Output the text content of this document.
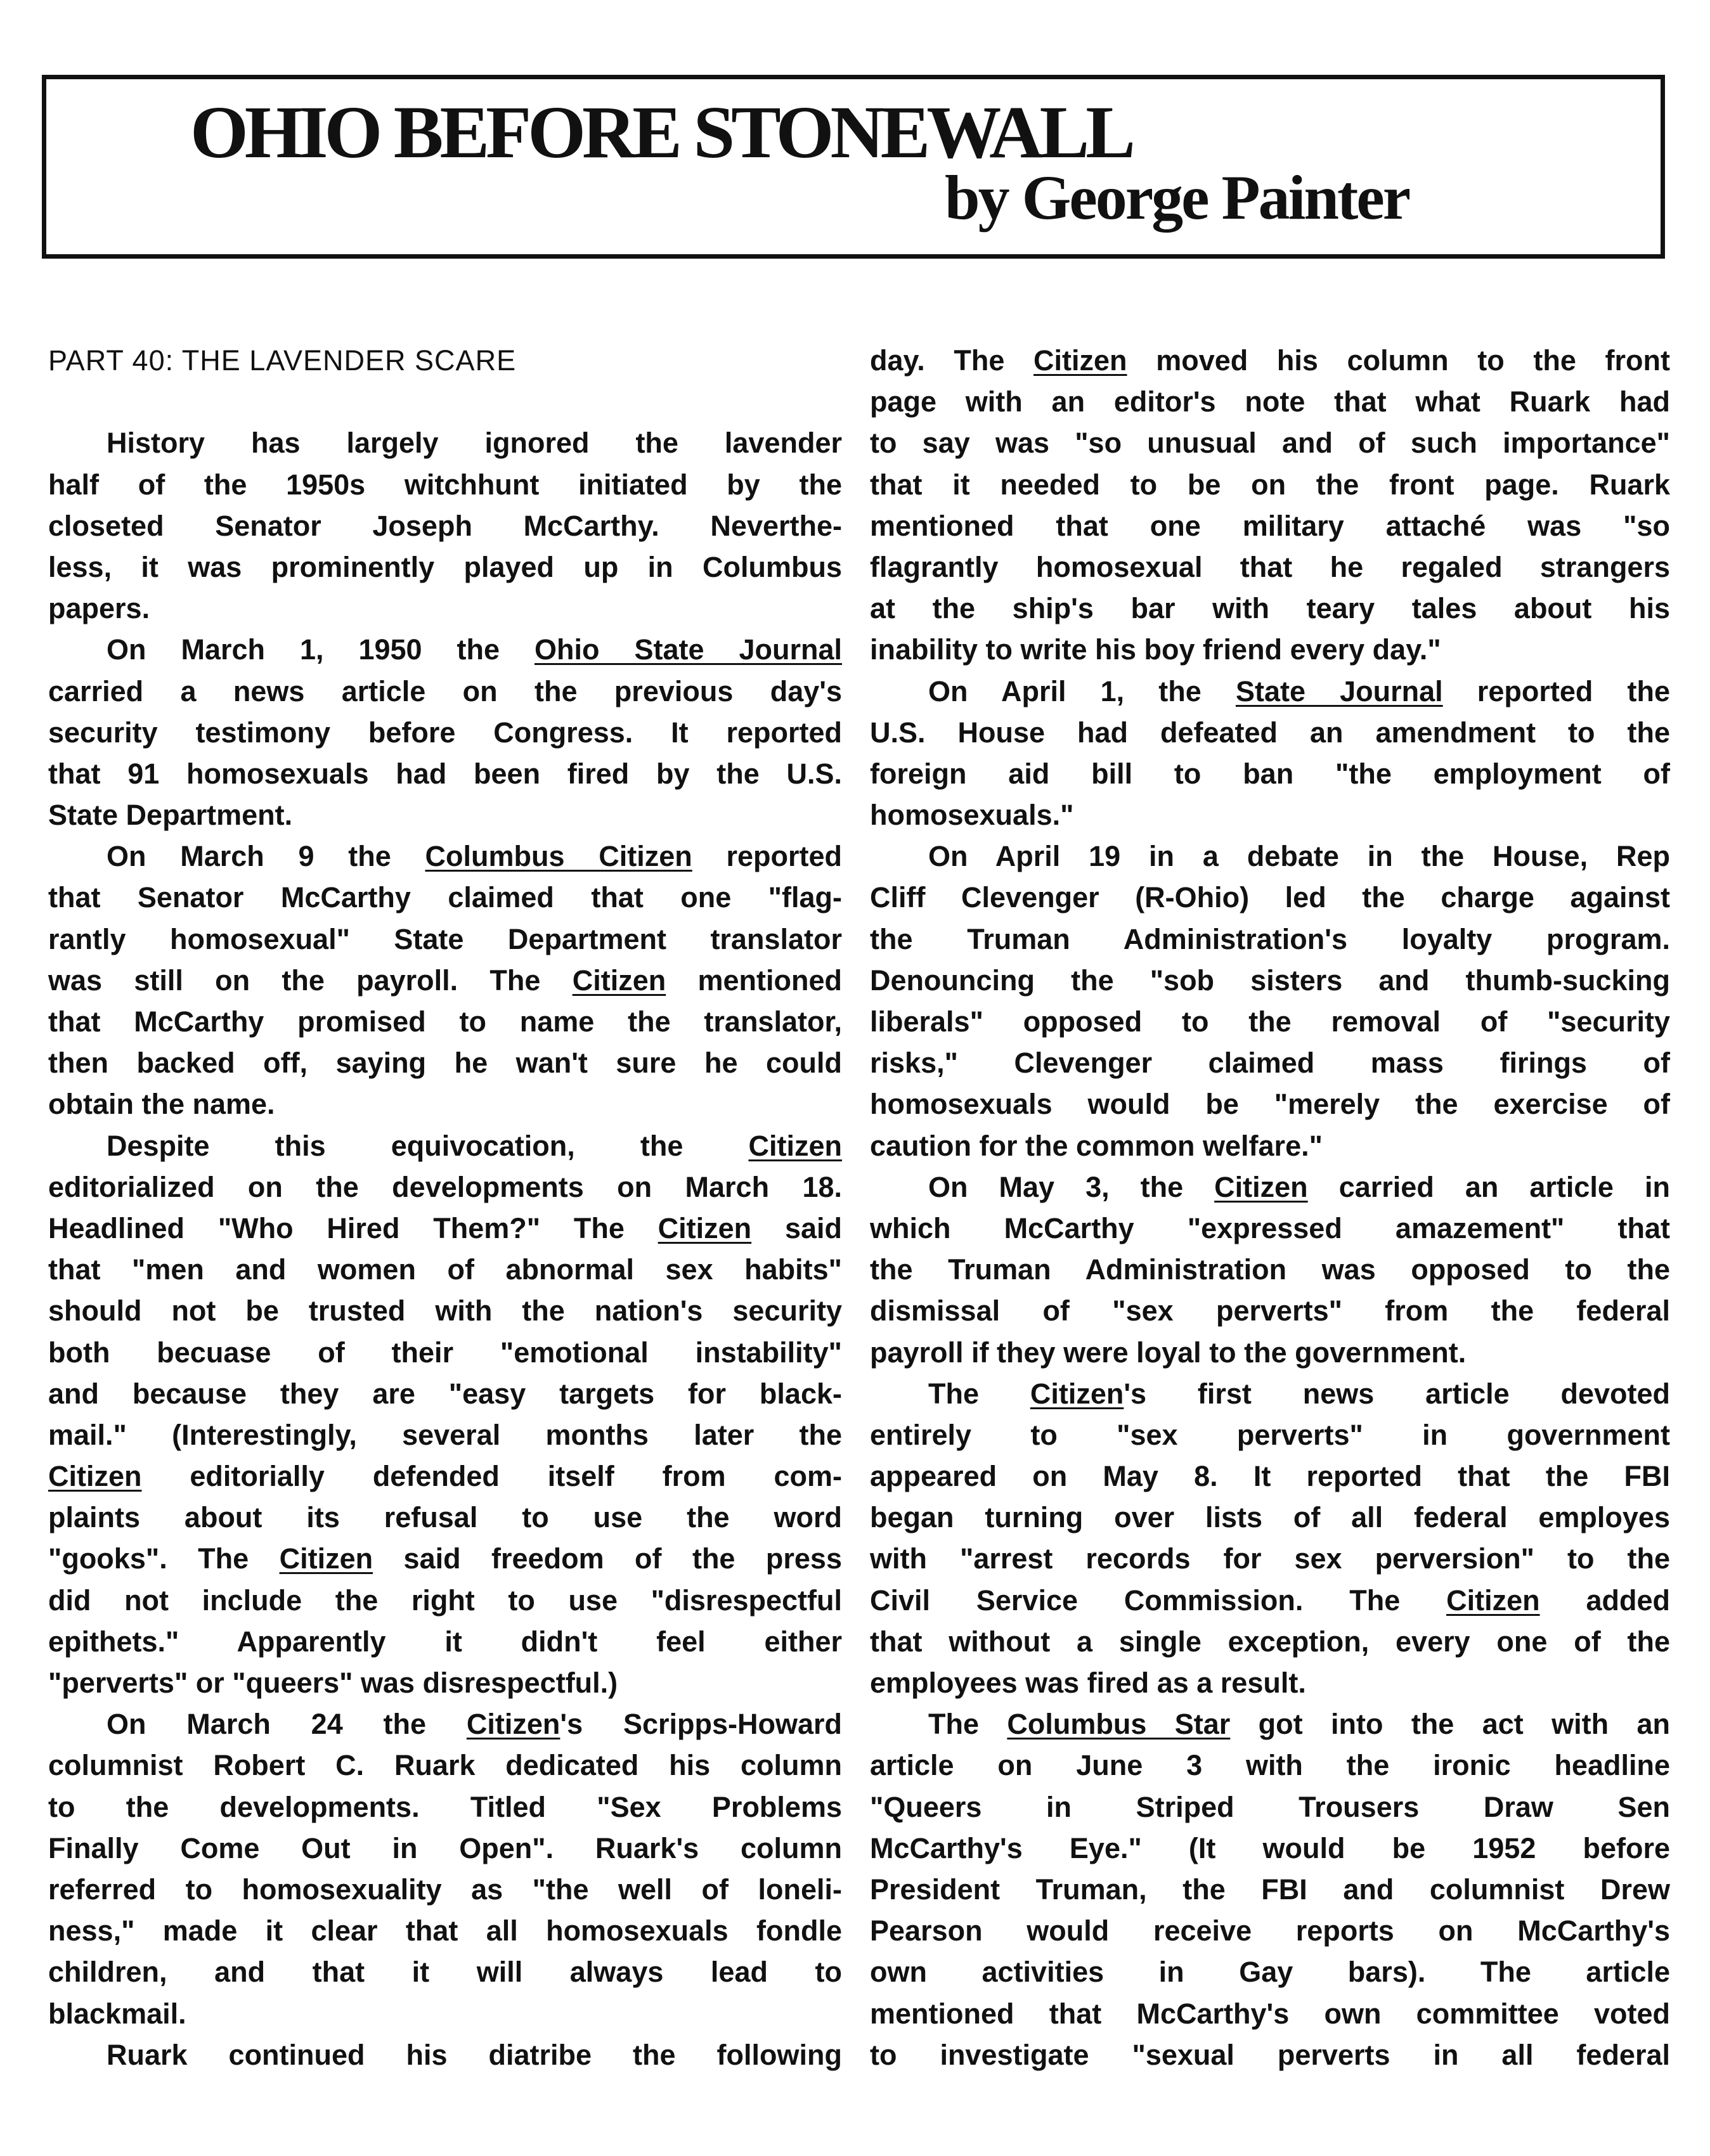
OHIO BEFORE STONEWALL
by George Painter
PART 40: THE LAVENDER SCARE
History has largely ignored the lavender
half of the 1950s witchhunt initiated by the
closeted Senator Joseph McCarthy. Neverthe-
less, it was prominently played up in Columbus
papers.
On March 1, 1950 the Ohio State Journal
carried a news article on the previous day's
security testimony before Congress. It reported
that 91 homosexuals had been fired by the U.S.
State Department.
On March 9 the Columbus Citizen reported
that Senator McCarthy claimed that one "flag-
rantly homosexual" State Department translator
was still on the payroll. The Citizen mentioned
that McCarthy promised to name the translator,
then backed off, saying he wan't sure he could
obtain the name.
Despite this equivocation, the Citizen
editorialized on the developments on March 18.
Headlined "Who Hired Them?" The Citizen said
that "men and women of abnormal sex habits"
should not be trusted with the nation's security
both becuase of their "emotional instability"
and because they are "easy targets for black-
mail." (Interestingly, several months later the
Citizen editorially defended itself from com-
plaints about its refusal to use the word
"gooks". The Citizen said freedom of the press
did not include the right to use "disrespectful
epithets." Apparently it didn't feel either
"perverts" or "queers" was disrespectful.)
On March 24 the Citizen's Scripps-Howard
columnist Robert C. Ruark dedicated his column
to the developments. Titled "Sex Problems
Finally Come Out in Open". Ruark's column
referred to homosexuality as "the well of loneli-
ness," made it clear that all homosexuals fondle
children, and that it will always lead to
blackmail.
Ruark continued his diatribe the following
day. The Citizen moved his column to the front
page with an editor's note that what Ruark had
to say was "so unusual and of such importance"
that it needed to be on the front page. Ruark
mentioned that one military attaché was "so
flagrantly homosexual that he regaled strangers
at the ship's bar with teary tales about his
inability to write his boy friend every day."
On April 1, the State Journal reported the
U.S. House had defeated an amendment to the
foreign aid bill to ban "the employment of
homosexuals."
On April 19 in a debate in the House, Rep
Cliff Clevenger (R-Ohio) led the charge against
the Truman Administration's loyalty program.
Denouncing the "sob sisters and thumb-sucking
liberals" opposed to the removal of "security
risks," Clevenger claimed mass firings of
homosexuals would be "merely the exercise of
caution for the common welfare."
On May 3, the Citizen carried an article in
which McCarthy "expressed amazement" that
the Truman Administration was opposed to the
dismissal of "sex perverts" from the federal
payroll if they were loyal to the government.
The Citizen's first news article devoted
entirely to "sex perverts" in government
appeared on May 8. It reported that the FBI
began turning over lists of all federal employes
with "arrest records for sex perversion" to the
Civil Service Commission. The Citizen added
that without a single exception, every one of the
employees was fired as a result.
The Columbus Star got into the act with an
article on June 3 with the ironic headline
"Queers in Striped Trousers Draw Sen
McCarthy's Eye." (It would be 1952 before
President Truman, the FBI and columnist Drew
Pearson would receive reports on McCarthy's
own activities in Gay bars). The article
mentioned that McCarthy's own committee voted
to investigate "sexual perverts in all federal
